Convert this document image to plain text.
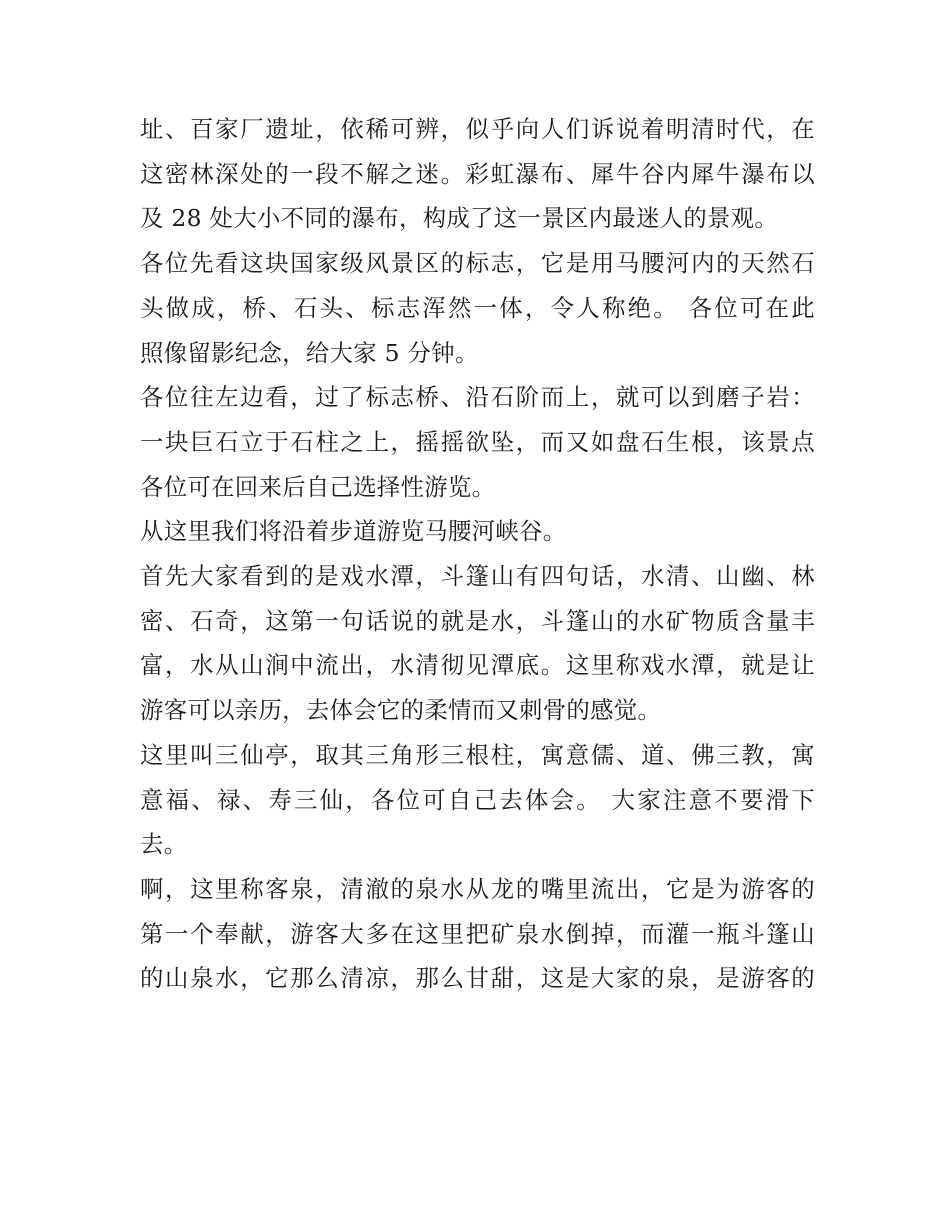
址、百家厂遗址，依稀可辨，似乎向人们诉说着明清时代，在
这密林深处的一段不解之迷。彩虹瀑布、犀牛谷内犀牛瀑布以
及 28 处大小不同的瀑布，构成了这一景区内最迷人的景观。

各位先看这块国家级风景区的标志，它是用马腰河内的天然石
头做成，桥、石头、标志浑然一体，令人称绝。 各位可在此
照像留影纪念，给大家 5 分钟。

各位往左边看，过了标志桥、沿石阶而上，就可以到磨子岩：
一块巨石立于石柱之上，摇摇欲坠，而又如盘石生根，该景点
各位可在回来后自己选择性游览。

从这里我们将沿着步道游览马腰河峡谷。

首先大家看到的是戏水潭，斗篷山有四句话，水清、山幽、林
密、石奇，这第一句话说的就是水，斗篷山的水矿物质含量丰
富，水从山涧中流出，水清彻见潭底。这里称戏水潭，就是让
游客可以亲历，去体会它的柔情而又刺骨的感觉。

这里叫三仙亭，取其三角形三根柱，寓意儒、道、佛三教，寓
意福、禄、寿三仙，各位可自己去体会。 大家注意不要滑下
去。

啊，这里称客泉，清澈的泉水从龙的嘴里流出，它是为游客的
第一个奉献，游客大多在这里把矿泉水倒掉，而灌一瓶斗篷山
的山泉水，它那么清凉，那么甘甜，这是大家的泉，是游客的
